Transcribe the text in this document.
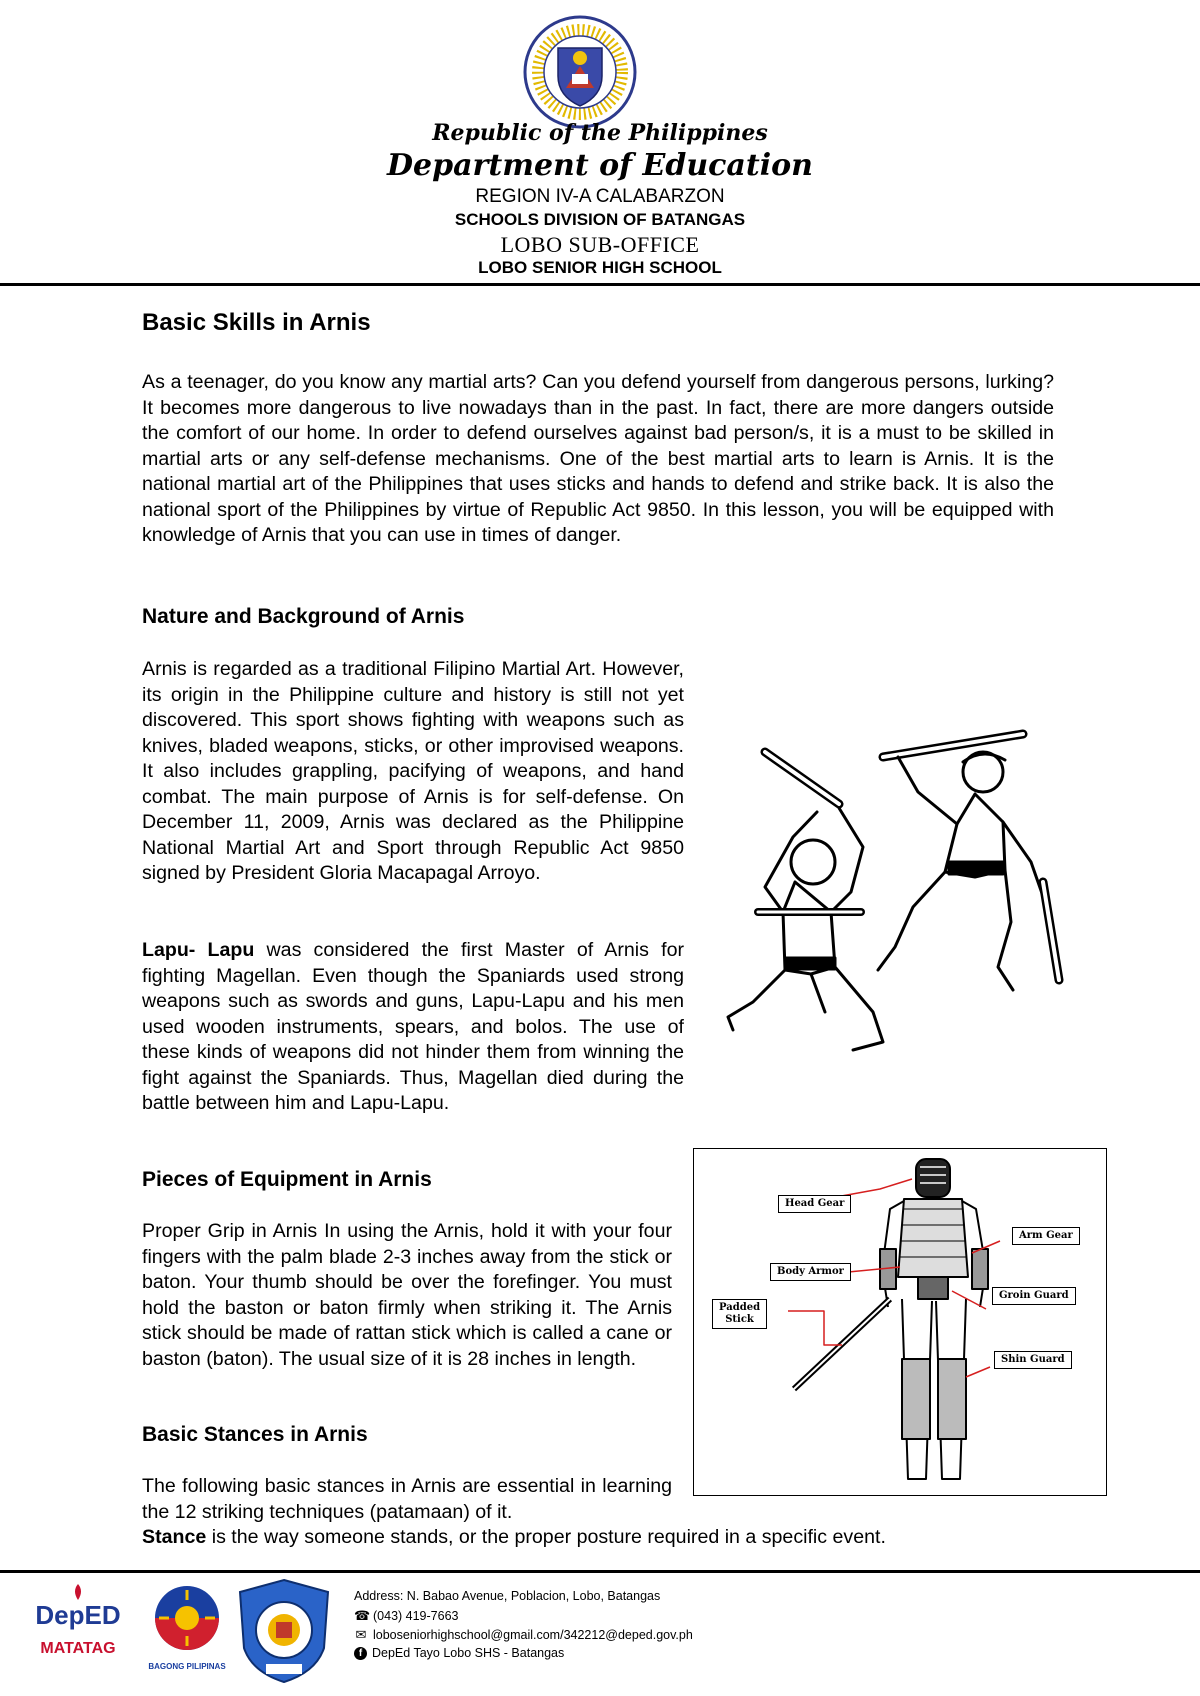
Republic of the Philippines
Department of Education
REGION IV-A CALABARZON
SCHOOLS DIVISION OF BATANGAS
LOBO SUB-OFFICE
LOBO SENIOR HIGH SCHOOL
Basic Skills in Arnis

As a teenager, do you know any martial arts? Can you defend yourself from dangerous persons, lurking? It becomes more dangerous to live nowadays than in the past. In fact, there are more dangers outside the comfort of our home. In order to defend ourselves against bad person/s, it is a must to be skilled in martial arts or any self-defense mechanisms. One of the best martial arts to learn is Arnis. It is the national martial art of the Philippines that uses sticks and hands to defend and strike back. It is also the national sport of the Philippines by virtue of Republic Act 9850. In this lesson, you will be equipped with knowledge of Arnis that you can use in times of danger.

Nature and Background of Arnis

Arnis is regarded as a traditional Filipino Martial Art. However, its origin in the Philippine culture and history is still not yet discovered. This sport shows fighting with weapons such as knives, bladed weapons, sticks, or other improvised weapons. It also includes grappling, pacifying of weapons, and hand combat. The main purpose of Arnis is for self-defense. On December 11, 2009, Arnis was declared as the Philippine National Martial Art and Sport through Republic Act 9850 signed by President Gloria Macapagal Arroyo.

Lapu- Lapu was considered the first Master of Arnis for fighting Magellan. Even though the Spaniards used strong weapons such as swords and guns, Lapu-Lapu and his men used wooden instruments, spears, and bolos. The use of these kinds of weapons did not hinder them from winning the fight against the Spaniards. Thus, Magellan died during the battle between him and Lapu-Lapu.

Pieces of Equipment in Arnis

Proper Grip in Arnis In using the Arnis, hold it with your four fingers with the palm blade 2-3 inches away from the stick or baton. Your thumb should be over the forefinger. You must hold the baston or baton firmly when striking it. The Arnis stick should be made of rattan stick which is called a cane or baston (baton). The usual size of it is 28 inches in length.

Basic Stances in Arnis

The following basic stances in Arnis are essential in learning the 12 striking techniques (patamaan) of it.

Stance is the way someone stands, or the proper posture required in a specific event.

Head Gear
Arm Gear
Body Armor
Groin Guard
Padded
Stick
Shin Guard
DepED
MATATAG
BAGONG PILIPINAS
Address: N. Babao Avenue, Poblacion, Lobo, Batangas
☎ (043) 419-7663
✉ loboseniorhighschool@gmail.com/342212@deped.gov.ph
f DepEd Tayo Lobo SHS - Batangas
